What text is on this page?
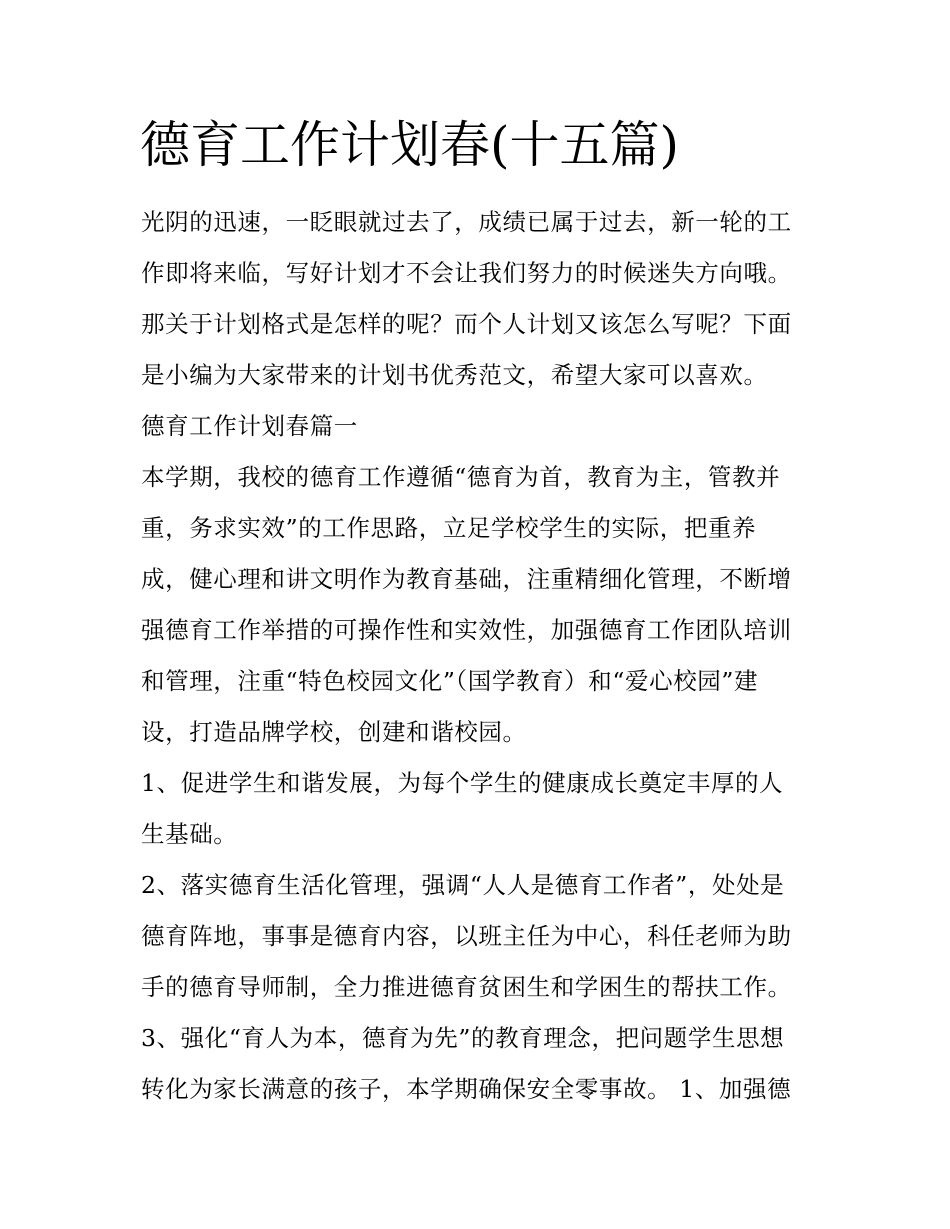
德育工作计划春(十五篇)

光阴的迅速，一眨眼就过去了，成绩已属于过去，新一轮的工

作即将来临，写好计划才不会让我们努力的时候迷失方向哦。

那关于计划格式是怎样的呢？而个人计划又该怎么写呢？下面

是小编为大家带来的计划书优秀范文，希望大家可以喜欢。

德育工作计划春篇一

本学期，我校的德育工作遵循“德育为首，教育为主，管教并

重，务求实效”的工作思路，立足学校学生的实际，把重养

成，健心理和讲文明作为教育基础，注重精细化管理，不断增

强德育工作举措的可操作性和实效性，加强德育工作团队培训

和管理，注重“特色校园文化”（国学教育）和“爱心校园”建

设，打造品牌学校，创建和谐校园。

1、促进学生和谐发展，为每个学生的健康成长奠定丰厚的人

生基础。

2、落实德育生活化管理，强调“人人是德育工作者”，处处是

德育阵地，事事是德育内容，以班主任为中心，科任老师为助

手的德育导师制，全力推进德育贫困生和学困生的帮扶工作。

3、强化“育人为本，德育为先”的教育理念，把问题学生思想

转化为家长满意的孩子，本学期确保安全零事故。 1、加强德
